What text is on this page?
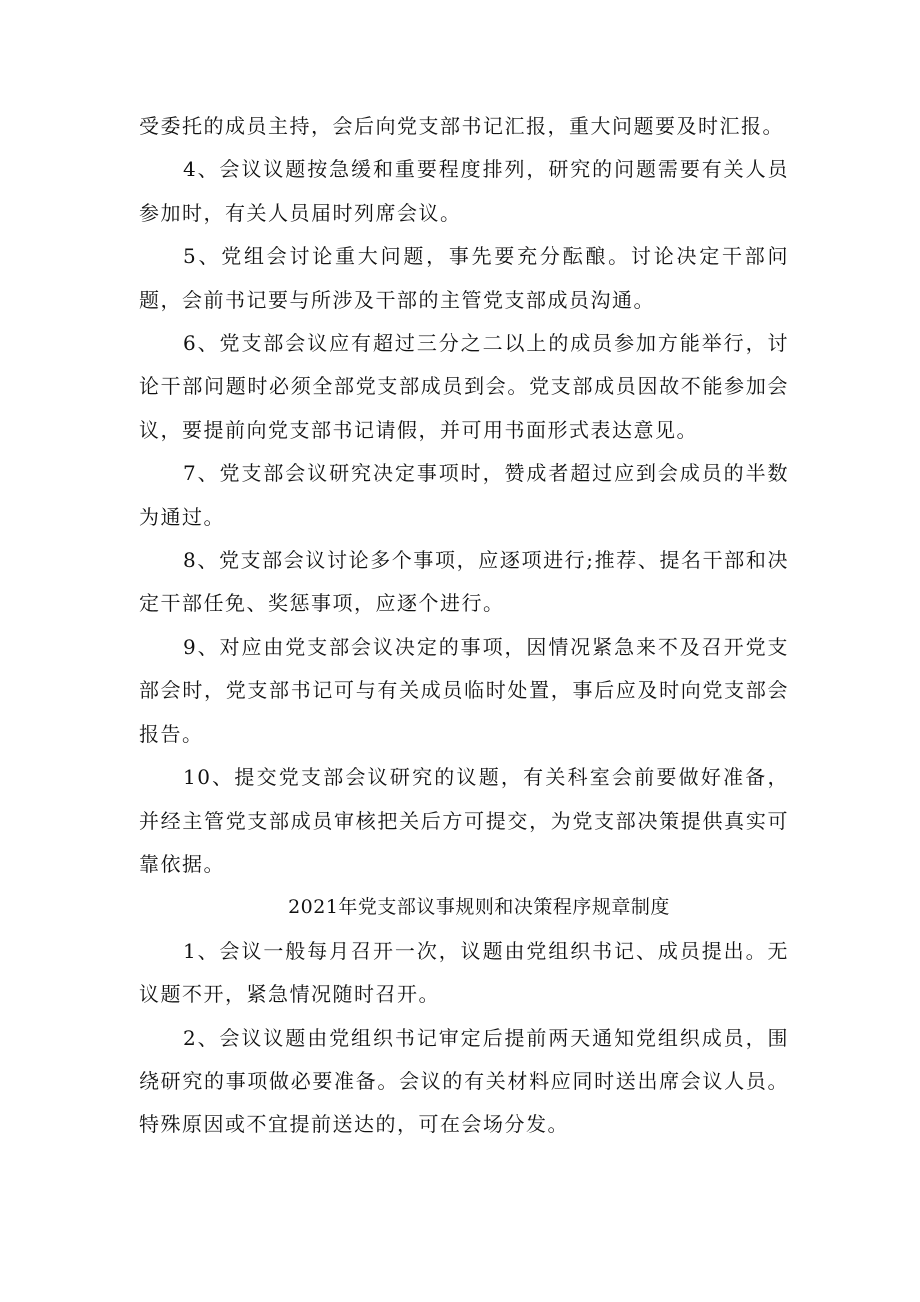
受委托的成员主持，会后向党支部书记汇报，重大问题要及时汇报。

4、会议议题按急缓和重要程度排列，研究的问题需要有关人员参加时，有关人员届时列席会议。

5、党组会讨论重大问题，事先要充分酝酿。讨论决定干部问题，会前书记要与所涉及干部的主管党支部成员沟通。

6、党支部会议应有超过三分之二以上的成员参加方能举行，讨论干部问题时必须全部党支部成员到会。党支部成员因故不能参加会议，要提前向党支部书记请假，并可用书面形式表达意见。

7、党支部会议研究决定事项时，赞成者超过应到会成员的半数为通过。

8、党支部会议讨论多个事项，应逐项进行;推荐、提名干部和决定干部任免、奖惩事项，应逐个进行。

9、对应由党支部会议决定的事项，因情况紧急来不及召开党支部会时，党支部书记可与有关成员临时处置，事后应及时向党支部会报告。

10、提交党支部会议研究的议题，有关科室会前要做好准备，并经主管党支部成员审核把关后方可提交，为党支部决策提供真实可靠依据。

2021年党支部议事规则和决策程序规章制度

1、会议一般每月召开一次，议题由党组织书记、成员提出。无议题不开，紧急情况随时召开。

2、会议议题由党组织书记审定后提前两天通知党组织成员，围绕研究的事项做必要准备。会议的有关材料应同时送出席会议人员。特殊原因或不宜提前送达的，可在会场分发。
